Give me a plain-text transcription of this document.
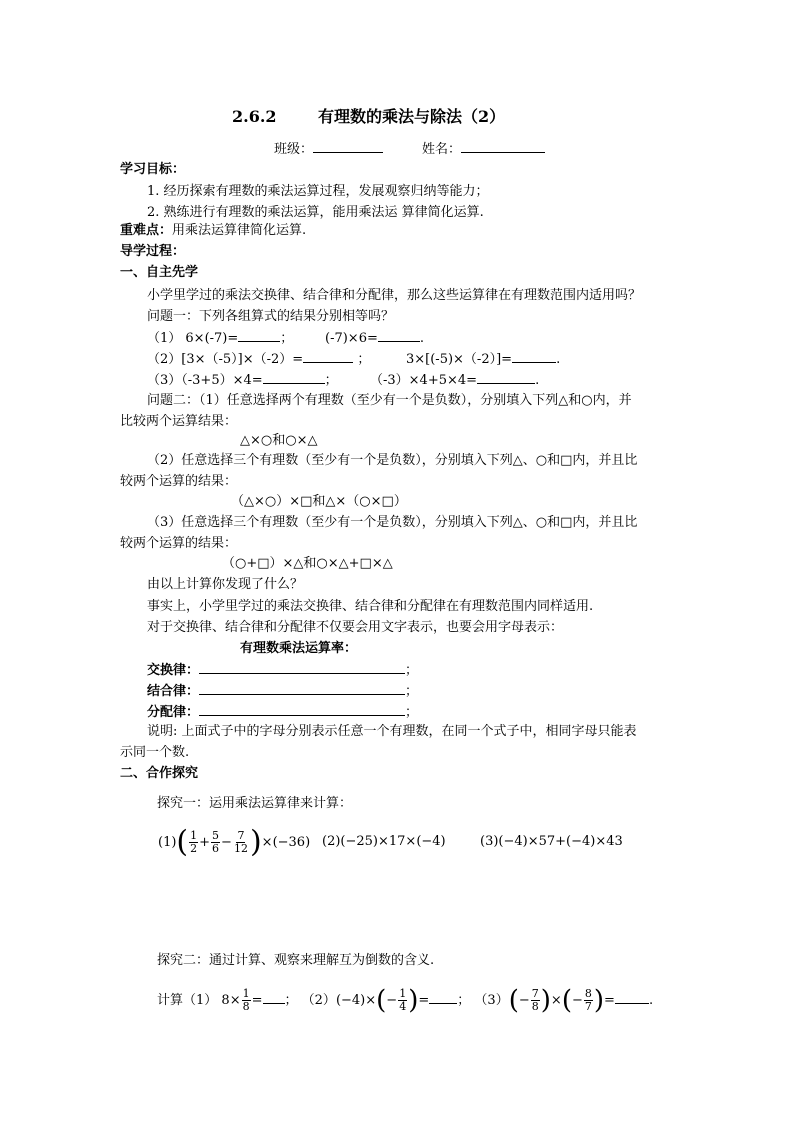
2.6.2	有理数的乘法与除法（2）
班级：	姓名：
学习目标：
1. 经历探索有理数的乘法运算过程，发展观察归纳等能力；
2. 熟练进行有理数的乘法运算，能用乘法运 算律简化运算.
重难点：用乘法运算律简化运算.
导学过程：
一、自主先学
小学里学过的乘法交换律、结合律和分配律，那么这些运算律在有理数范围内适用吗？
问题一：下列各组算式的结果分别相等吗？
（1） 6×(-7)=	； (-7)×6=	.
（2）[3×（-5）]×（-2）=	；	3×[(-5)×（-2）]=	.
（3）（-3+5）×4=	； （-3）×4+5×4=	.
问题二：（1）任意选择两个有理数（至少有一个是负数），分别填入下列△和○内，并
比较两个运算结果：
△×○和○×△
（2）任意选择三个有理数（至少有一个是负数），分别填入下列△、○和□内，并且比
较两个运算的结果：
（△×○）×□和△×（○×□）
（3）任意选择三个有理数（至少有一个是负数），分别填入下列△、○和□内，并且比
较两个运算的结果：
（○+□）×△和○×△+□×△
由以上计算你发现了什么？
事实上，小学里学过的乘法交换律、结合律和分配律在有理数范围内同样适用.
对于交换律、结合律和分配律不仅要会用文字表示，也要会用字母表示：
有理数乘法运算率：
交换律：	；
结合律：	；
分配律：	；
说明: 上面式子中的字母分别表示任意一个有理数，在同一个式子中，相同字母只能表
示同一个数.
二、合作探究
探究一：运用乘法运算律来计算：
$(1)( \frac{1}{2} + \frac{5}{6} - \frac{7}{12} )\times(-36)$ (2)(−25)×17×(−4)	(3)(−4)×57+(−4)×43
探究二：通过计算、观察来理解互为倒数的含义.
计算（1） $8\times \frac{1}{8}$ = ； $(2)(-4)\times(- \frac{1}{4}$ )= ； $(3)(- \frac{7}{8}$ )×(− $\frac{8}{7}$ )=	.
